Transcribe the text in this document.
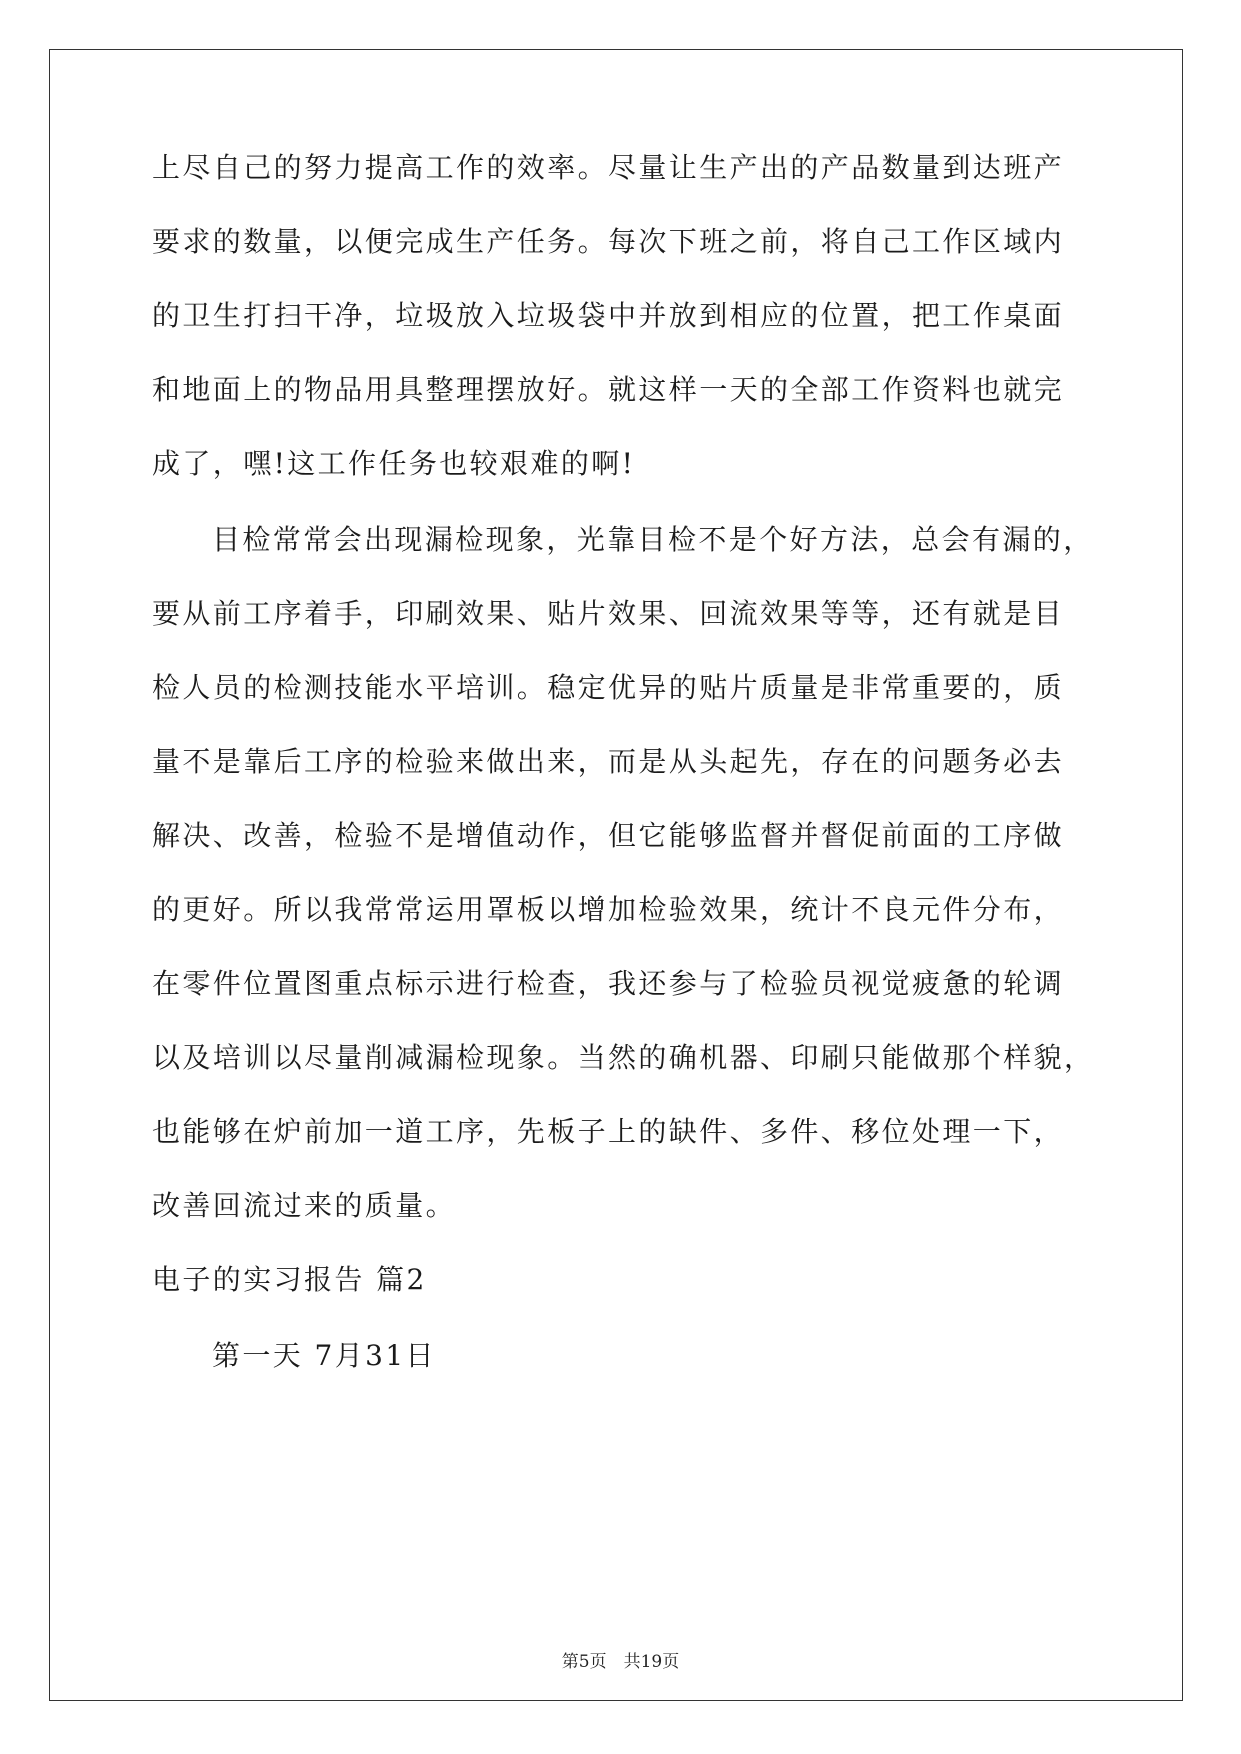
上尽自己的努力提高工作的效率。尽量让生产出的产品数量到达班产
要求的数量，以便完成生产任务。每次下班之前，将自己工作区域内
的卫生打扫干净，垃圾放入垃圾袋中并放到相应的位置，把工作桌面
和地面上的物品用具整理摆放好。就这样一天的全部工作资料也就完
成了，嘿!这工作任务也较艰难的啊!
目检常常会出现漏检现象，光靠目检不是个好方法，总会有漏的，
要从前工序着手，印刷效果、贴片效果、回流效果等等，还有就是目
检人员的检测技能水平培训。稳定优异的贴片质量是非常重要的，质
量不是靠后工序的检验来做出来，而是从头起先，存在的问题务必去
解决、改善，检验不是增值动作，但它能够监督并督促前面的工序做
的更好。所以我常常运用罩板以增加检验效果，统计不良元件分布，
在零件位置图重点标示进行检查，我还参与了检验员视觉疲惫的轮调
以及培训以尽量削减漏检现象。当然的确机器、印刷只能做那个样貌，
也能够在炉前加一道工序，先板子上的缺件、多件、移位处理一下，
改善回流过来的质量。
电子的实习报告 篇2
第一天 7月31日
第5页　共19页
